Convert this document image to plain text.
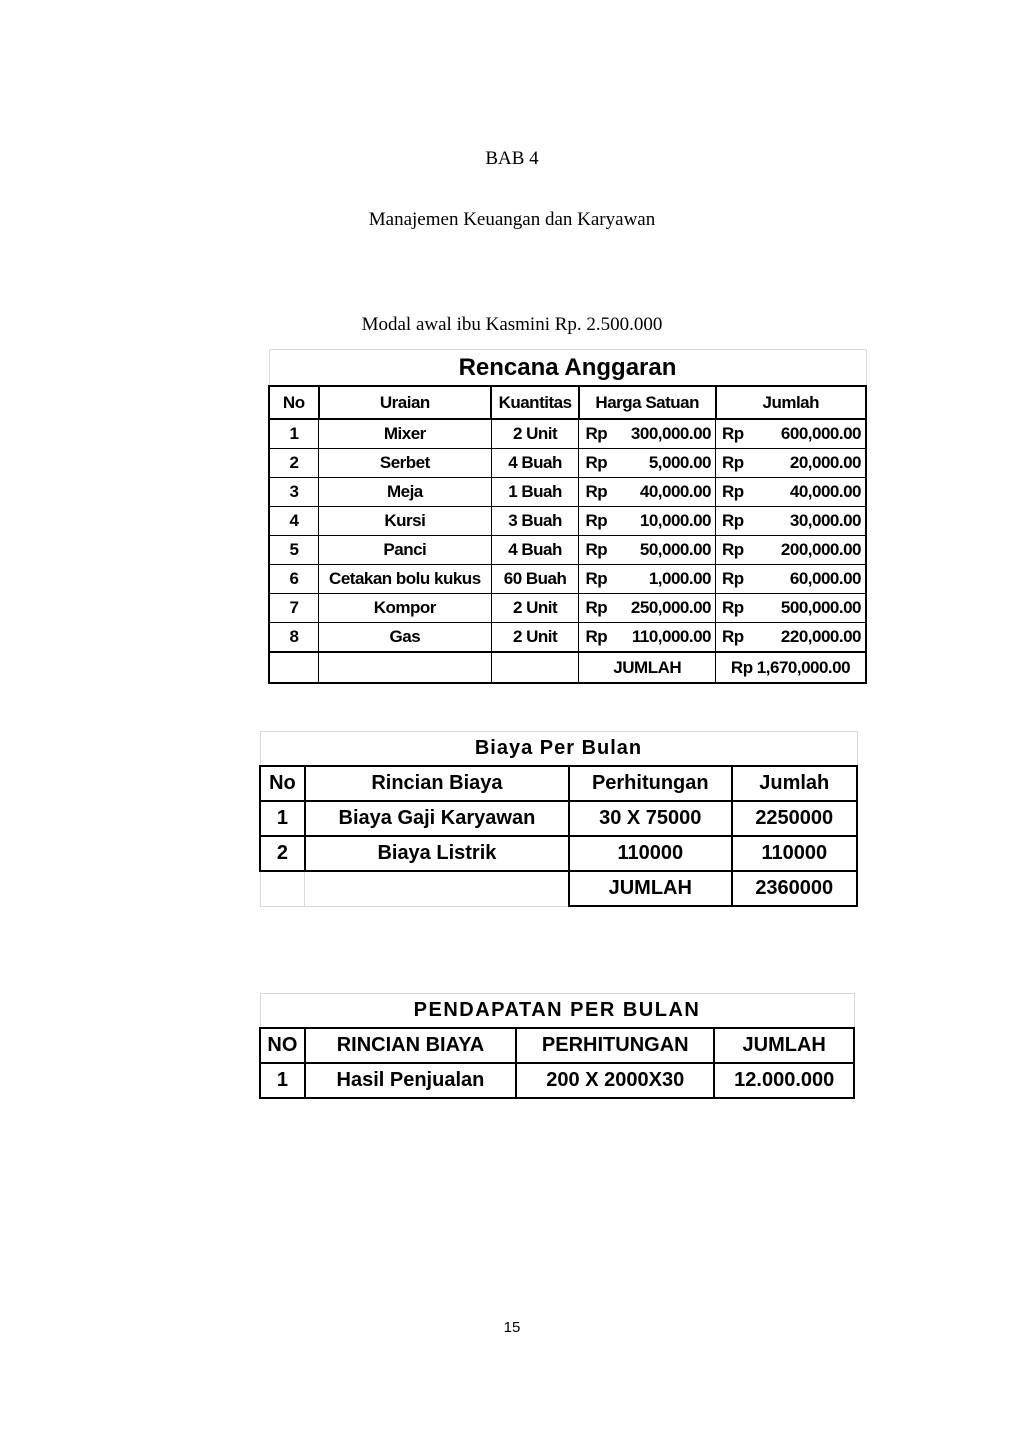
BAB 4
Manajemen Keuangan dan Karyawan
Modal awal ibu Kasmini Rp. 2.500.000
Rencana Anggaran				
No	Uraian	Kuantitas	Harga Satuan	Jumlah
1	Mixer	2 Unit	Rp 300,000.00	Rp 600,000.00

2	Serbet	4 Buah	Rp 5,000.00	Rp 20,000.00

3	Meja	1 Buah	Rp 40,000.00	Rp 40,000.00

4	Kursi	3 Buah	Rp 10,000.00	Rp 30,000.00

5	Panci	4 Buah	Rp 50,000.00	Rp 200,000.00

6	Cetakan bolu kukus	60 Buah	Rp 1,000.00	Rp 60,000.00

7	Kompor	2 Unit	Rp 250,000.00	Rp 500,000.00

8	Gas	2 Unit	Rp 110,000.00	Rp 220,000.00

			JUMLAH	Rp 1,670,000.00
Biaya Per Bulan			
No	Rincian Biaya	Perhitungan	Jumlah
1	Biaya Gaji Karyawan	30 X 75000	2250000
2	Biaya Listrik	110000	110000
		JUMLAH	2360000
PENDAPATAN PER BULAN			
NO	RINCIAN BIAYA	PERHITUNGAN	JUMLAH
1	Hasil Penjualan	200 X 2000X30	12.000.000
15
